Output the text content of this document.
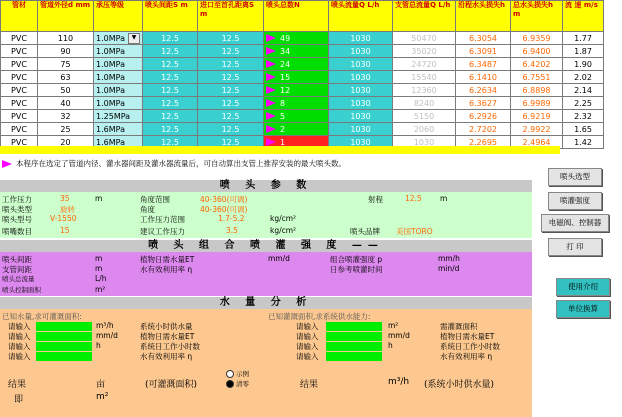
管材	管道外径d mm	承压等级	喷头间距S m	进口至首孔距离S m	喷头总数N	喷头流量Q L/h	支管总流量Q L/h	沿程水头损失h	总水头损失h m	流 速 m/s
PVC	110	1.0MPa ▼	12.5	12.5	49	1030	50470	6.3054	6.9359	1.77
PVC	90	1.0MPa	12.5	12.5	34	1030	35020	6.3091	6.9400	1.87
PVC	75	1.0MPa	12.5	12.5	24	1030	24720	6.3487	6.4202	1.90
PVC	63	1.0MPa	12.5	12.5	15	1030	15540	6.1410	6.7551	2.02
PVC	50	1.0MPa	12.5	12.5	12	1030	12360	6.2634	6.8898	2.14
PVC	40	1.0MPa	12.5	12.5	8	1030	8240	6.3627	6.9989	2.25
PVC	32	1.25MPa	12.5	12.5	5	1030	5150	6.2926	6.9219	2.32
PVC	25	1.6MPa	12.5	12.5	2	1030	2060	2.7202	2.9922	1.65
PVC	20	1.6MPa	12.5	12.5	1	1030	1030	2.2695	2.4964	1.42
本程序在选定了管道内径、灌水器间距及灌水器流量后，可自动算出支管上推荐安装的最大喷头数。
喷头选型
喷灌强度
电磁阀、控制器
打 印
使用介绍
单位换算
喷 头 参 数
工作压力	35	m	角度范围	40-360(可调)	射程	12.5 m
喷头类型	旋转	角度	40-360(可调)
喷头型号 V-1550	工作压力范围	1.7-5.2	kg/cm²
喷嘴数目	15	建议工作压力	3.5	kg/cm²	喷头品牌 美国TORO
喷 头 组 合 喷 灌 强 度 ——
喷头间距	m	植物日需水量ET	mm/d	组合喷灌强度 p	mm/h
支管间距	m	水有效利用率 η	日参考喷灌时间	min/d
喷头总流量	L/h
喷头控制面积	m²
水 量 分 析
已知水量,求可灌溉面积:	已知灌溉面积,求系统供水能力:
请输入	m³/h	系统小时供水量	请输入	m²	需灌溉面积
请输入	mm/d	植物日需水量ET	请输入	mm/d	植物日需水量ET
请输入	h	系统日工作小时数	请输入	h	系统日工作小时数
请输入	水有效利用率 η	请输入	水有效利用率 η
示例
清零
结果	亩	(可灌溉面积)
即	m²
结果	m³/h (系统小时供水量)
